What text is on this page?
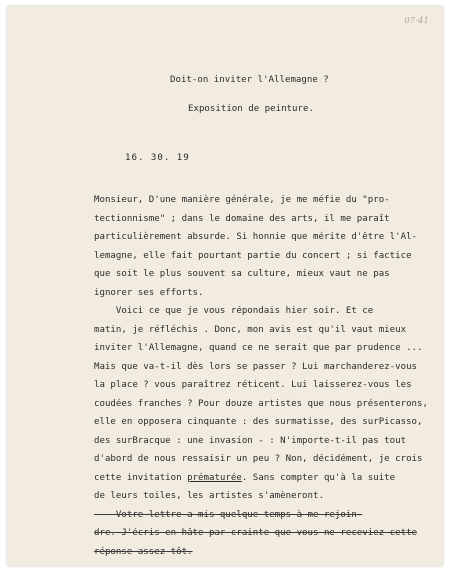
07-41
Doit-on inviter l'Allemagne ?
Exposition de peinture.
16. 30. 19
Monsieur, D'une manière générale, je me méfie du "pro-
tectionnisme" ; dans le domaine des arts, il me paraît
particulièrement absurde. Si honnie que mérite d'être l'Al-
lemagne, elle fait pourtant partie du concert ; si factice
que soit le plus souvent sa culture, mieux vaut ne pas
ignorer ses efforts.
Voici ce que je vous répondais hier soir. Et ce
matin, je réfléchis . Donc, mon avis est qu'il vaut mieux
inviter l'Allemagne, quand ce ne serait que par prudence ...
Mais que va-t-il dès lors se passer ? Lui marchanderez-vous
la place ? vous paraîtrez réticent. Lui laisserez-vous les
coudées franches ? Pour douze artistes que nous présenterons,
elle en opposera cinquante : des surmatisse, des surPicasso,
des surBracque : une invasion - : N'importe-t-il pas tout
d'abord de nous ressaisir un peu ? Non, décidément, je crois
cette invitation prématurée. Sans compter qu'à la suite
de leurs toiles, les artistes s'amèneront.
Votre lettre a mis quelque temps à me rejoin-
dre. J'écris en hâte par crainte que vous ne receviez cette
réponse assez tôt.
